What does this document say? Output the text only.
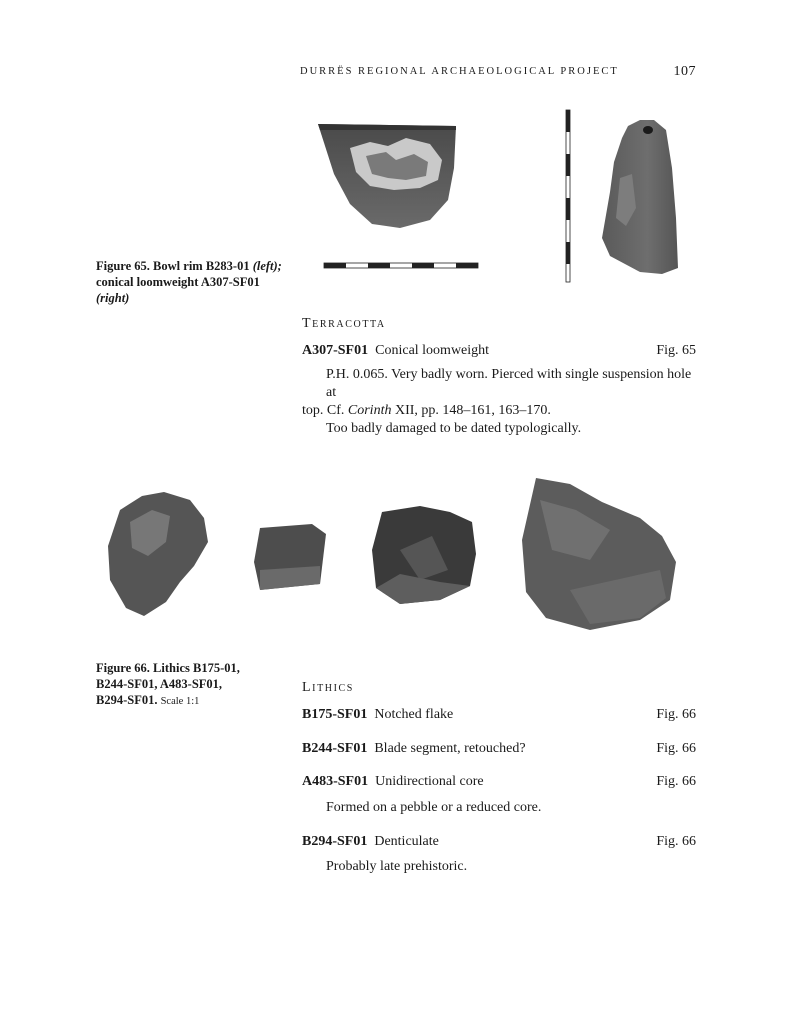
DURRËS REGIONAL ARCHAEOLOGICAL PROJECT	107
Figure 65. Bowl rim B283-01 (left);
conical loomweight A307-SF01 (right)
Terracotta
A307-SF01 Conical loomweight	Fig. 65
P.H. 0.065. Very badly worn. Pierced with single suspension hole at
top. Cf. Corinth XII, pp. 148–161, 163–170.
Too badly damaged to be dated typologically.
Figure 66. Lithics B175-01,
B244-SF01, A483-SF01,
B294-SF01. Scale 1:1
Lithics
B175-SF01 Notched flake	Fig. 66
B244-SF01 Blade segment, retouched?	Fig. 66
A483-SF01 Unidirectional core	Fig. 66
Formed on a pebble or a reduced core.
B294-SF01 Denticulate	Fig. 66
Probably late prehistoric.
